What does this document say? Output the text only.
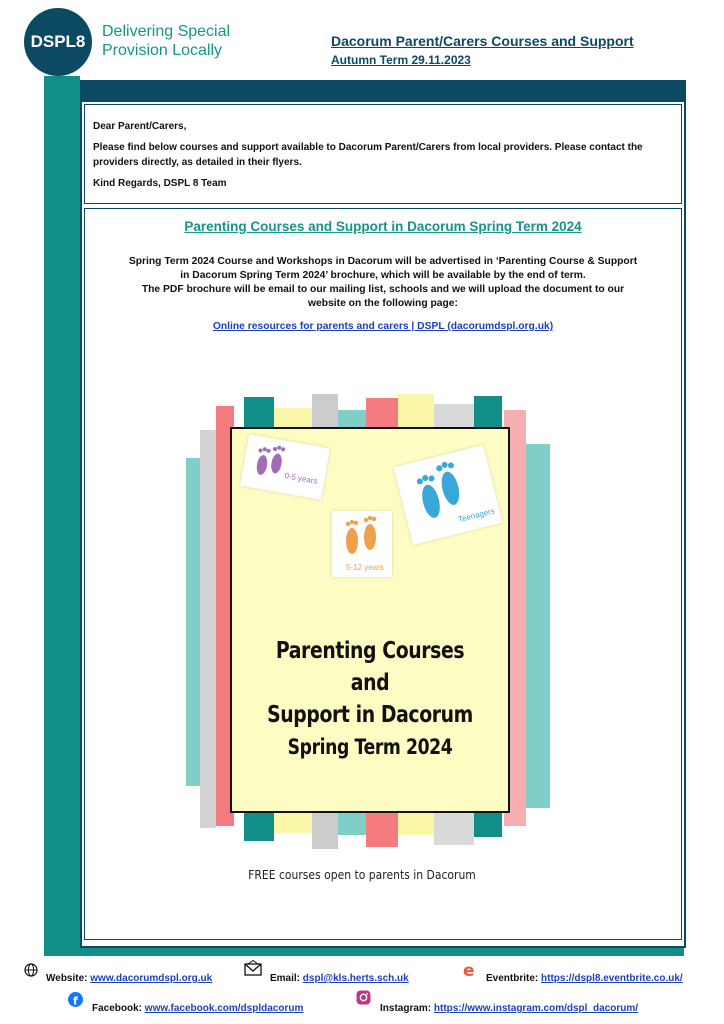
DSPL8
Delivering Special
Provision Locally
Dacorum Parent/Carers Courses and Support
Autumn Term 29.11.2023

Dear Parent/Carers,

Please find below courses and support available to Dacorum Parent/Carers from local providers. Please contact the providers directly, as detailed in their flyers.

Kind Regards, DSPL 8 Team

Parenting Courses and Support in Dacorum Spring Term 2024
Spring Term 2024 Course and Workshops in Dacorum will be advertised in ‘Parenting Course & Support
in Dacorum Spring Term 2024’ brochure, which will be available by the end of term.
The PDF brochure will be email to our mailing list, schools and we will upload the document to our
website on the following page:
Online resources for parents and carers | DSPL (dacorumdspl.org.uk)
0-5 years
Teenagers
5-12 years
Parenting Courses and
Support in Dacorum
Spring Term 2024
FREE courses open to parents in Dacorum
Website: www.dacorumdspl.org.uk	Email: dspl@kls.herts.sch.uk	e Eventbrite: https://dspl8.eventbrite.co.uk/
f
Facebook: www.facebook.com/dspldacorum	Instagram: https://www.instagram.com/dspl_dacorum/
